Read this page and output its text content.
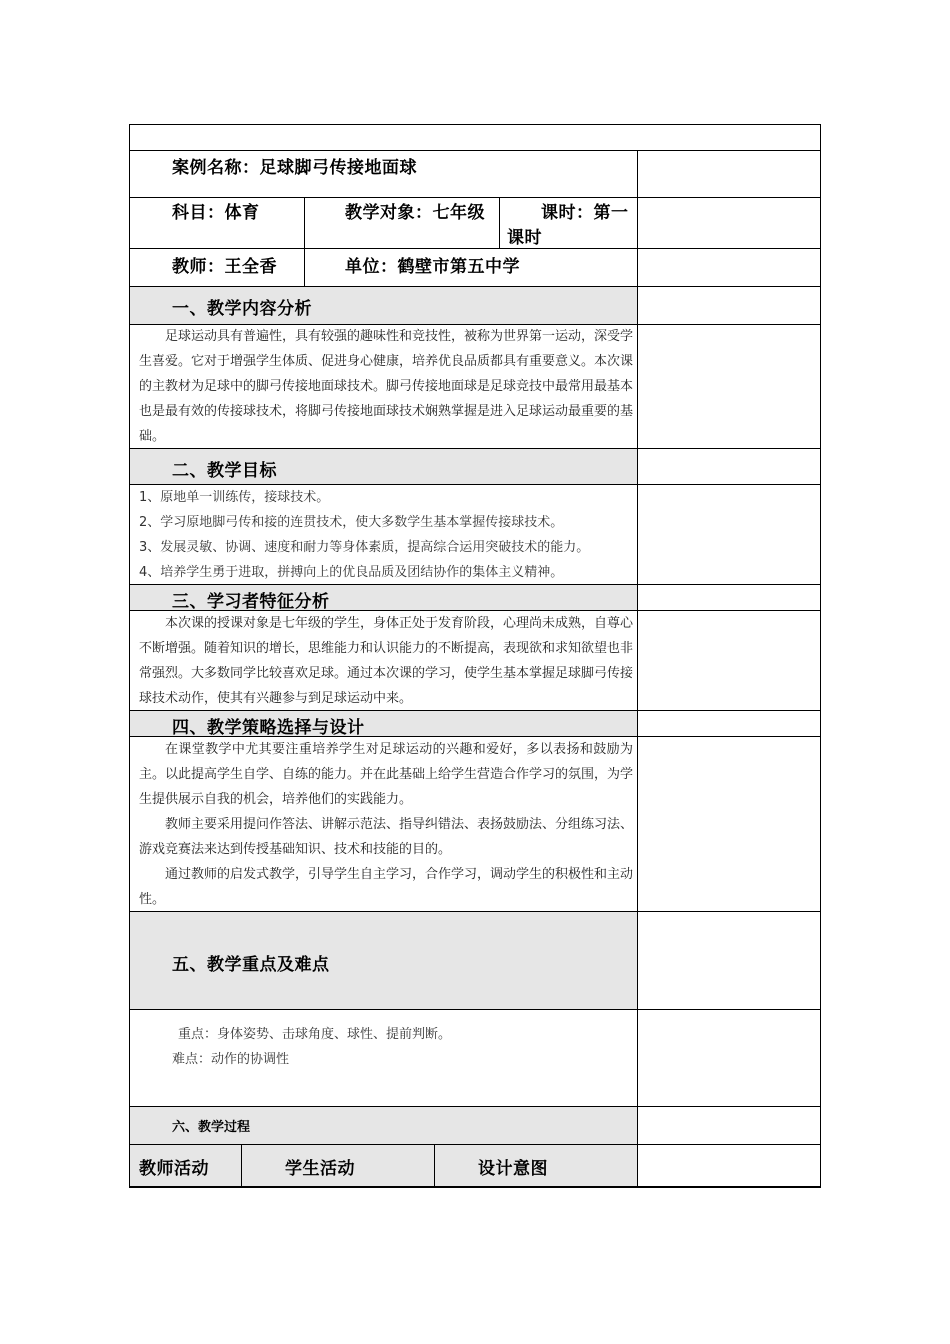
案例名称：足球脚弓传接地面球
科目：体育	教学对象：七年级	课时：第一课时
教师：王全香	单位：鹤壁市第五中学
一、教学内容分析

足球运动具有普遍性，具有较强的趣味性和竞技性，被称为世界第一运动，深受学生喜爱。它对于增强学生体质、促进身心健康，培养优良品质都具有重要意义。本次课的主教材为足球中的脚弓传接地面球技术。脚弓传接地面球是足球竞技中最常用最基本也是最有效的传接球技术，将脚弓传接地面球技术娴熟掌握是进入足球运动最重要的基础。

二、教学目标

1、原地单一训练传，接球技术。

2、学习原地脚弓传和接的连贯技术，使大多数学生基本掌握传接球技术。

3、发展灵敏、协调、速度和耐力等身体素质，提高综合运用突破技术的能力。

4、培养学生勇于进取，拼搏向上的优良品质及团结协作的集体主义精神。

三、学习者特征分析

本次课的授课对象是七年级的学生，身体正处于发育阶段，心理尚未成熟，自尊心不断增强。随着知识的增长，思维能力和认识能力的不断提高，表现欲和求知欲望也非常强烈。大多数同学比较喜欢足球。通过本次课的学习，使学生基本掌握足球脚弓传接球技术动作，使其有兴趣参与到足球运动中来。

四、教学策略选择与设计

在课堂教学中尤其要注重培养学生对足球运动的兴趣和爱好，多以表扬和鼓励为主。以此提高学生自学、自练的能力。并在此基础上给学生营造合作学习的氛围，为学生提供展示自我的机会，培养他们的实践能力。

教师主要采用提问作答法、讲解示范法、指导纠错法、表扬鼓励法、分组练习法、游戏竞赛法来达到传授基础知识、技术和技能的目的。

通过教师的启发式教学，引导学生自主学习，合作学习，调动学生的积极性和主动性。

五、教学重点及难点
重点：身体姿势、击球角度、球性、提前判断。
难点：动作的协调性
六、教学过程
教师活动	学生活动	设计意图
